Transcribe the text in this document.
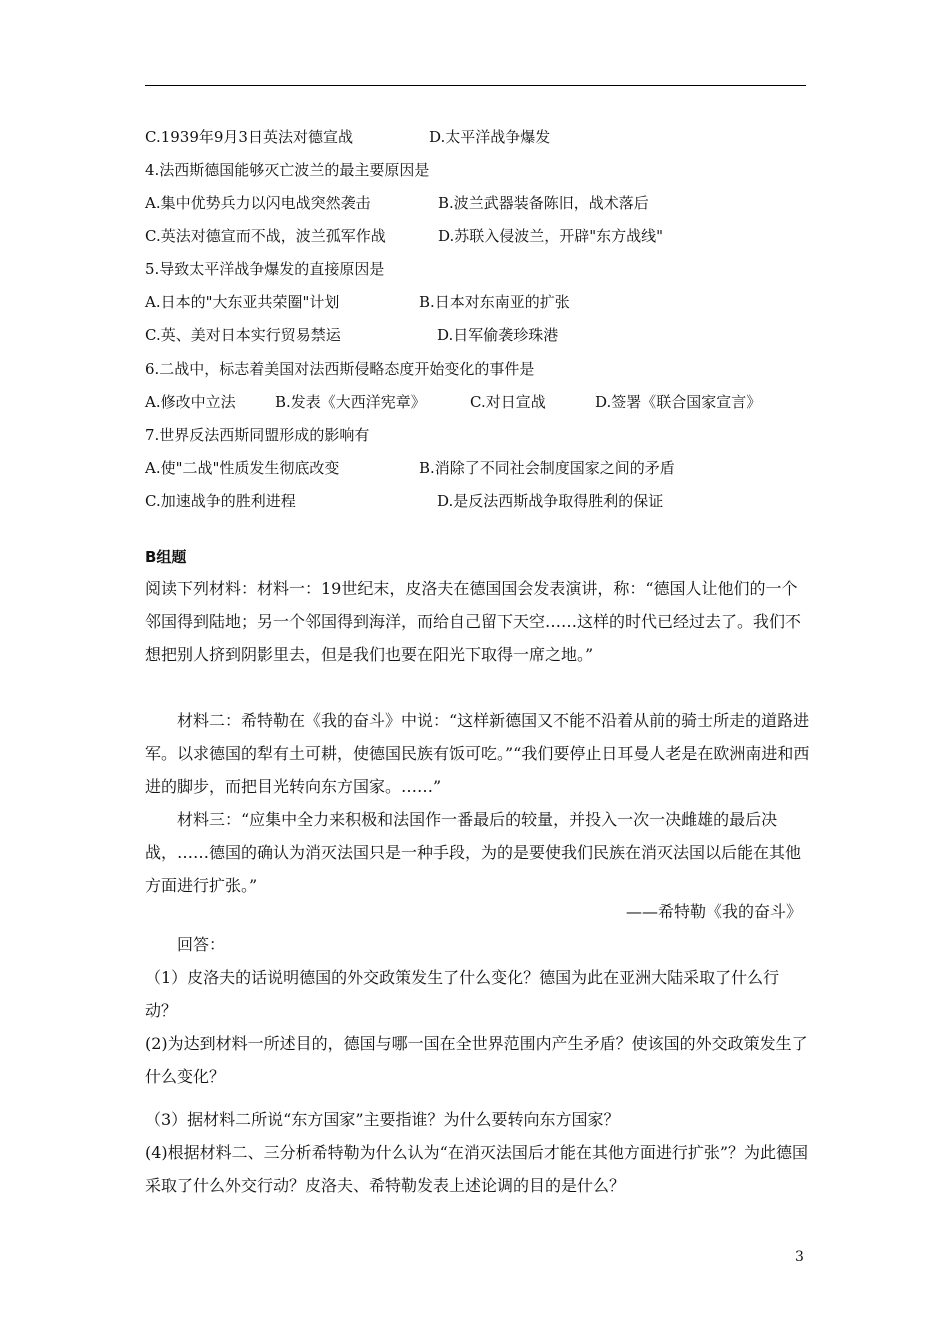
C.1939年9月3日英法对德宣战	D.太平洋战争爆发
4.法西斯德国能够灭亡波兰的最主要原因是
A.集中优势兵力以闪电战突然袭击	B.波兰武器装备陈旧，战术落后
C.英法对德宣而不战，波兰孤军作战	D.苏联入侵波兰，开辟"东方战线"
5.导致太平洋战争爆发的直接原因是
A.日本的"大东亚共荣圈"计划	B.日本对东南亚的扩张
C.英、美对日本实行贸易禁运	D.日军偷袭珍珠港
6.二战中，标志着美国对法西斯侵略态度开始变化的事件是
A.修改中立法	B.发表《大西洋宪章》	C.对日宣战	D.签署《联合国家宣言》
7.世界反法西斯同盟形成的影响有
A.使"二战"性质发生彻底改变	B.消除了不同社会制度国家之间的矛盾
C.加速战争的胜利进程	D.是反法西斯战争取得胜利的保证
B组题
阅读下列材料：材料一：19世纪末，皮洛夫在德国国会发表演讲，称：“德国人让他们的一个邻国得到陆地；另一个邻国得到海洋，而给自己留下天空……这样的时代已经过去了。我们不想把别人挤到阴影里去，但是我们也要在阳光下取得一席之地。”
材料二：希特勒在《我的奋斗》中说：“这样新德国又不能不沿着从前的骑士所走的道路进军。以求德国的犁有土可耕，使德国民族有饭可吃。”“我们要停止日耳曼人老是在欧洲南进和西进的脚步，而把目光转向东方国家。……”
材料三：“应集中全力来积极和法国作一番最后的较量，并投入一次一决雌雄的最后决战，……德国的确认为消灭法国只是一种手段，为的是要使我们民族在消灭法国以后能在其他方面进行扩张。”
——希特勒《我的奋斗》
回答：
（1）皮洛夫的话说明德国的外交政策发生了什么变化？德国为此在亚洲大陆采取了什么行动？
(2)为达到材料一所述目的，德国与哪一国在全世界范围内产生矛盾？使该国的外交政策发生了什么变化？
（3）据材料二所说“东方国家”主要指谁？为什么要转向东方国家？
(4)根据材料二、三分析希特勒为什么认为“在消灭法国后才能在其他方面进行扩张”？为此德国采取了什么外交行动？皮洛夫、希特勒发表上述论调的目的是什么？
3
